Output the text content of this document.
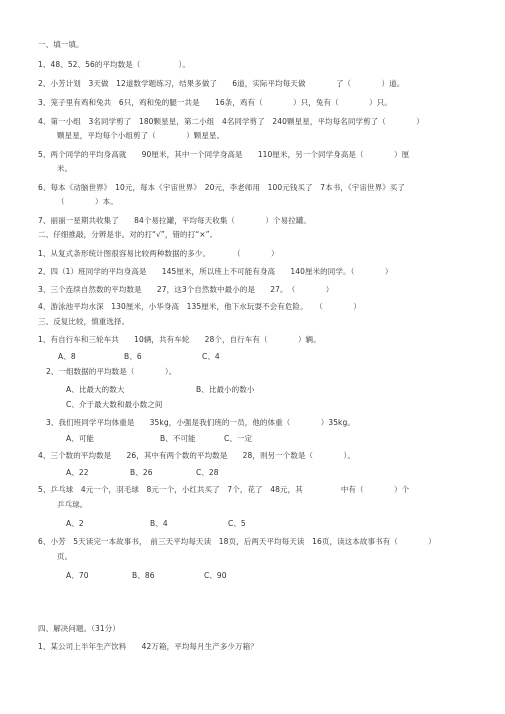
一、填一填。
1、48、52、56的平均数是（　　　　　）。
2、小芳计划　3天做　12道数学题练习，结果多做了　　6道，实际平均每天做　　　　了（　　　　）道。
3、笼子里有鸡和兔共　6只，鸡和兔的腿一共是　　16条，鸡有（　　　　）只，兔有（　　　　）只。
4、第一小组　3名同学剪了　180颗星星，第二小组　4名同学剪了　240颗星星，平均每名同学剪了（　　　　）
颗星星，平均每个小组剪了（　　　　）颗星星。
5、两个同学的平均身高就　　90厘米，其中一个同学身高是　　110厘米，另一个同学身高是（　　　　）厘
米。
6、每本《动脑世界》　10元，每本《宇宙世界》　20元，李老师用　100元钱买了　7本书，《宇宙世界》买了
（　　　　）本。
7、丽丽一星期共收集了　　84个易拉罐，平均每天收集（　　　　）个易拉罐。
二、仔细推敲，分辨是非。对的打“√”，错的打“×”。
1、从复式条形统计图很容易比较两种数据的多少。　　　　（　　　　）
2、四（1）班同学的平均身高是　　145厘米，所以班上不可能有身高　　140厘米的同学。（　　　　）
3、三个连续自然数的平均数是　　27，这3个自然数中最小的是　　27。　（　　　　）
4、游泳池平均水深　130厘米，小华身高　135厘米，他下水玩耍不会有危险。　　（　　　　）
三、反复比较，慎重选择。
1、有自行车和三轮车共　　10辆，共有车轮　　28个，自行车有（　　　　）辆。
A、8	B、6	C、4
2、一组数据的平均数是（　　　　）。
A、比最大的数大	B、比最小的数小
C、介于最大数和最小数之间
3、我们班同学平均体重是　　35kg，小强是我们班的一员，他的体重（　　　　）35kg。
A、可能	B、不可能	C、一定
4、三个数的平均数是　　26，其中有两个数的平均数是　　28，则另一个数是（　　　　）。
A、22	B、26	C、28
5、乒乓球　4元一个，羽毛球　8元一个，小红共买了　7个，花了　48元，其　　　　　中有（　　　　）个
乒乓球。
A、2	B、4	C、5
6、小芳　5天读完一本故事书，　前三天平均每天读　18页，后两天平均每天读　16页，读这本故事书有（　　　　）
页。
A、70	B、86	C、90
四、解决问题。（31分）
1、某公司上半年生产饮料　　42万箱，平均每月生产多少万箱？
